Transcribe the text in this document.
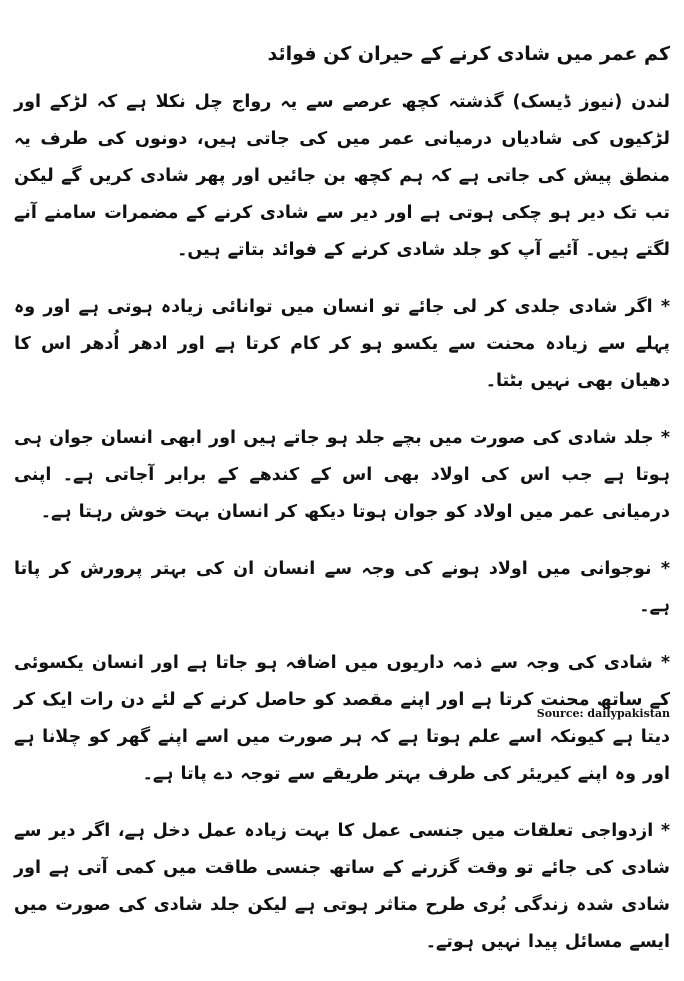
کم عمر میں شادی کرنے کے حیران کن فوائد

لندن (نیوز ڈیسک) گذشتہ کچھ عرصے سے یہ رواج چل نکلا ہے کہ لڑکے اور لڑکیوں کی شادیاں درمیانی عمر میں کی جاتی ہیں، دونوں کی طرف یہ منطق پیش کی جاتی ہے کہ ہم کچھ بن جائیں اور پھر شادی کریں گے لیکن تب تک دیر ہو چکی ہوتی ہے اور دیر سے شادی کرنے کے مضمرات سامنے آنے لگتے ہیں۔ آئیے آپ کو جلد شادی کرنے کے فوائد بتاتے ہیں۔

* اگر شادی جلدی کر لی جائے تو انسان میں توانائی زیادہ ہوتی ہے اور وہ پہلے سے زیادہ محنت سے یکسو ہو کر کام کرتا ہے اور ادھر اُدھر اس کا دھیان بھی نہیں بٹتا۔

* جلد شادی کی صورت میں بچے جلد ہو جاتے ہیں اور ابھی انسان جوان ہی ہوتا ہے جب اس کی اولاد بھی اس کے کندھے کے برابر آجاتی ہے۔ اپنی درمیانی عمر میں اولاد کو جوان ہوتا دیکھ کر انسان بہت خوش رہتا ہے۔

* نوجوانی میں اولاد ہونے کی وجہ سے انسان ان کی بہتر پرورش کر پاتا ہے۔

* شادی کی وجہ سے ذمہ داریوں میں اضافہ ہو جاتا ہے اور انسان یکسوئی کے ساتھ محنت کرتا ہے اور اپنے مقصد کو حاصل کرنے کے لئے دن رات ایک کر دیتا ہے کیونکہ اسے علم ہوتا ہے کہ ہر صورت میں اسے اپنے گھر کو چلانا ہے اور وہ اپنے کیریئر کی طرف بہتر طریقے سے توجہ دے پاتا ہے۔

* ازدواجی تعلقات میں جنسی عمل کا بہت زیادہ عمل دخل ہے، اگر دیر سے شادی کی جائے تو وقت گزرنے کے ساتھ جنسی طاقت میں کمی آتی ہے اور شادی شدہ زندگی بُری طرح متاثر ہوتی ہے لیکن جلد شادی کی صورت میں ایسے مسائل پیدا نہیں ہوتے۔

Source: dailypakistan
